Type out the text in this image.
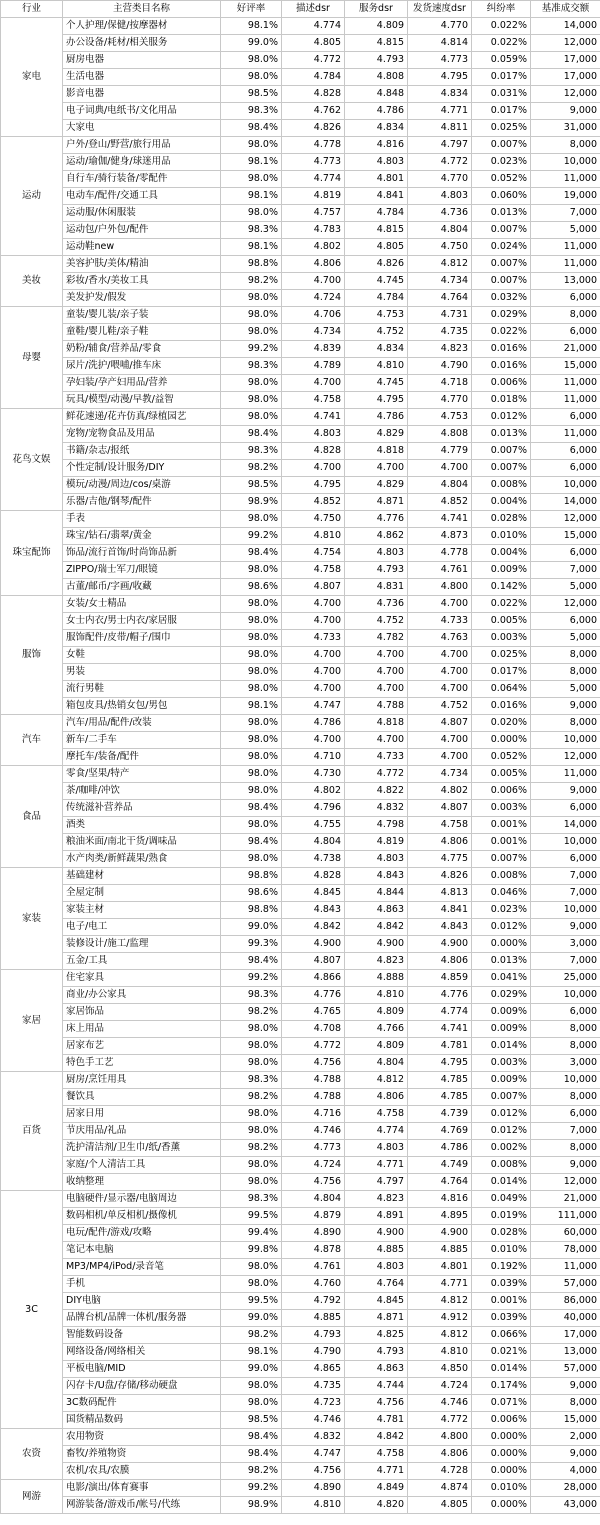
行业	主营类目名称	好评率	描述dsr	服务dsr	发货速度dsr	纠纷率	基准成交额
家电	个人护理/保健/按摩器材	98.1%	4.774	4.809	4.770	0.022%	14,000
	办公设备/耗材/相关服务	99.0%	4.805	4.815	4.814	0.022%	12,000
	厨房电器	98.0%	4.772	4.793	4.773	0.059%	17,000
	生活电器	98.0%	4.784	4.808	4.795	0.017%	17,000
	影音电器	98.5%	4.828	4.848	4.834	0.031%	12,000
	电子词典/电纸书/文化用品	98.3%	4.762	4.786	4.771	0.017%	9,000
	大家电	98.4%	4.826	4.834	4.811	0.025%	31,000
运动	户外/登山/野营/旅行用品	98.0%	4.778	4.816	4.797	0.007%	8,000
	运动/瑜伽/健身/球迷用品	98.1%	4.773	4.803	4.772	0.023%	10,000
	自行车/骑行装备/零配件	98.0%	4.774	4.801	4.770	0.052%	11,000
	电动车/配件/交通工具	98.1%	4.819	4.841	4.803	0.060%	19,000
	运动服/休闲服装	98.0%	4.757	4.784	4.736	0.013%	7,000
	运动包/户外包/配件	98.3%	4.783	4.815	4.804	0.007%	5,000
	运动鞋new	98.1%	4.802	4.805	4.750	0.024%	11,000
美妆	美容护肤/美体/精油	98.8%	4.806	4.826	4.812	0.007%	11,000
	彩妆/香水/美妆工具	98.2%	4.700	4.745	4.734	0.007%	13,000
	美发护发/假发	98.0%	4.724	4.784	4.764	0.032%	6,000
母婴	童装/婴儿装/亲子装	98.0%	4.706	4.753	4.731	0.029%	8,000
	童鞋/婴儿鞋/亲子鞋	98.0%	4.734	4.752	4.735	0.022%	6,000
	奶粉/辅食/营养品/零食	99.2%	4.839	4.834	4.823	0.016%	21,000
	尿片/洗护/喂哺/推车床	98.3%	4.789	4.810	4.790	0.016%	15,000
	孕妇装/孕产妇用品/营养	98.0%	4.700	4.745	4.718	0.006%	11,000
	玩具/模型/动漫/早教/益智	98.0%	4.758	4.795	4.770	0.018%	11,000
花鸟文娱	鲜花速递/花卉仿真/绿植园艺	98.0%	4.741	4.786	4.753	0.012%	6,000
	宠物/宠物食品及用品	98.4%	4.803	4.829	4.808	0.013%	11,000
	书籍/杂志/报纸	98.3%	4.828	4.818	4.779	0.007%	6,000
	个性定制/设计服务/DIY	98.2%	4.700	4.700	4.700	0.007%	6,000
	模玩/动漫/周边/cos/桌游	98.5%	4.795	4.829	4.804	0.008%	10,000
	乐器/吉他/钢琴/配件	98.9%	4.852	4.871	4.852	0.004%	14,000
珠宝配饰	手表	98.0%	4.750	4.776	4.741	0.028%	12,000
	珠宝/钻石/翡翠/黄金	99.2%	4.810	4.862	4.873	0.010%	15,000
	饰品/流行首饰/时尚饰品新	98.4%	4.754	4.803	4.778	0.004%	6,000
	ZIPPO/瑞士军刀/眼镜	98.0%	4.758	4.793	4.761	0.009%	7,000
	古董/邮币/字画/收藏	98.6%	4.807	4.831	4.800	0.142%	5,000
服饰	女装/女士精品	98.0%	4.700	4.736	4.700	0.022%	12,000
	女士内衣/男士内衣/家居服	98.0%	4.700	4.752	4.733	0.005%	6,000
	服饰配件/皮带/帽子/围巾	98.0%	4.733	4.782	4.763	0.003%	5,000
	女鞋	98.0%	4.700	4.700	4.700	0.025%	8,000
	男装	98.0%	4.700	4.700	4.700	0.017%	8,000
	流行男鞋	98.0%	4.700	4.700	4.700	0.064%	5,000
	箱包皮具/热销女包/男包	98.1%	4.747	4.788	4.752	0.016%	9,000
汽车	汽车/用品/配件/改装	98.0%	4.786	4.818	4.807	0.020%	8,000
	新车/二手车	98.0%	4.700	4.700	4.700	0.000%	10,000
	摩托车/装备/配件	98.0%	4.710	4.733	4.700	0.052%	12,000
食品	零食/坚果/特产	98.0%	4.730	4.772	4.734	0.005%	11,000
	茶/咖啡/冲饮	98.0%	4.802	4.822	4.802	0.006%	9,000
	传统滋补营养品	98.4%	4.796	4.832	4.807	0.003%	6,000
	酒类	98.0%	4.755	4.798	4.758	0.001%	14,000
	粮油米面/南北干货/调味品	98.4%	4.804	4.819	4.806	0.001%	10,000
	水产肉类/新鲜蔬果/熟食	98.0%	4.738	4.803	4.775	0.007%	6,000
家装	基础建材	98.8%	4.828	4.843	4.826	0.008%	7,000
	全屋定制	98.6%	4.845	4.844	4.813	0.046%	7,000
	家装主材	98.8%	4.843	4.863	4.841	0.023%	10,000
	电子/电工	99.0%	4.842	4.842	4.843	0.012%	9,000
	装修设计/施工/监理	99.3%	4.900	4.900	4.900	0.000%	3,000
	五金/工具	98.4%	4.807	4.823	4.806	0.013%	7,000
家居	住宅家具	99.2%	4.866	4.888	4.859	0.041%	25,000
	商业/办公家具	98.3%	4.776	4.810	4.776	0.029%	10,000
	家居饰品	98.2%	4.765	4.809	4.774	0.009%	6,000
	床上用品	98.0%	4.708	4.766	4.741	0.009%	8,000
	居家布艺	98.0%	4.772	4.809	4.781	0.014%	8,000
	特色手工艺	98.0%	4.756	4.804	4.795	0.003%	3,000
百货	厨房/烹饪用具	98.3%	4.788	4.812	4.785	0.009%	10,000
	餐饮具	98.2%	4.788	4.806	4.785	0.007%	8,000
	居家日用	98.0%	4.716	4.758	4.739	0.012%	6,000
	节庆用品/礼品	98.0%	4.746	4.774	4.769	0.012%	7,000
	洗护清洁剂/卫生巾/纸/香薰	98.2%	4.773	4.803	4.786	0.002%	8,000
	家庭/个人清洁工具	98.0%	4.724	4.771	4.749	0.008%	9,000
	收纳整理	98.0%	4.756	4.797	4.764	0.014%	12,000
3C	电脑硬件/显示器/电脑周边	98.3%	4.804	4.823	4.816	0.049%	21,000
	数码相机/单反相机/摄像机	99.5%	4.879	4.891	4.895	0.019%	111,000
	电玩/配件/游戏/攻略	99.4%	4.890	4.900	4.900	0.028%	60,000
	笔记本电脑	99.8%	4.878	4.885	4.885	0.010%	78,000
	MP3/MP4/iPod/录音笔	98.0%	4.761	4.803	4.801	0.192%	11,000
	手机	98.0%	4.760	4.764	4.771	0.039%	57,000
	DIY电脑	99.5%	4.792	4.845	4.812	0.001%	86,000
	品牌台机/品牌一体机/服务器	99.0%	4.885	4.871	4.912	0.039%	40,000
	智能数码设备	98.2%	4.793	4.825	4.812	0.066%	17,000
	网络设备/网络相关	98.1%	4.790	4.793	4.810	0.021%	13,000
	平板电脑/MID	99.0%	4.865	4.863	4.850	0.014%	57,000
	闪存卡/U盘/存储/移动硬盘	98.0%	4.735	4.744	4.724	0.174%	9,000
	3C数码配件	98.0%	4.723	4.756	4.746	0.071%	8,000
	国货精品数码	98.5%	4.746	4.781	4.772	0.006%	15,000
农资	农用物资	98.4%	4.832	4.842	4.800	0.000%	2,000
	畜牧/养殖物资	98.4%	4.747	4.758	4.806	0.000%	9,000
	农机/农具/农膜	98.2%	4.756	4.771	4.728	0.000%	4,000
网游	电影/演出/体育赛事	99.2%	4.890	4.849	4.874	0.010%	28,000
	网游装备/游戏币/帐号/代练	98.9%	4.810	4.820	4.805	0.000%	43,000
